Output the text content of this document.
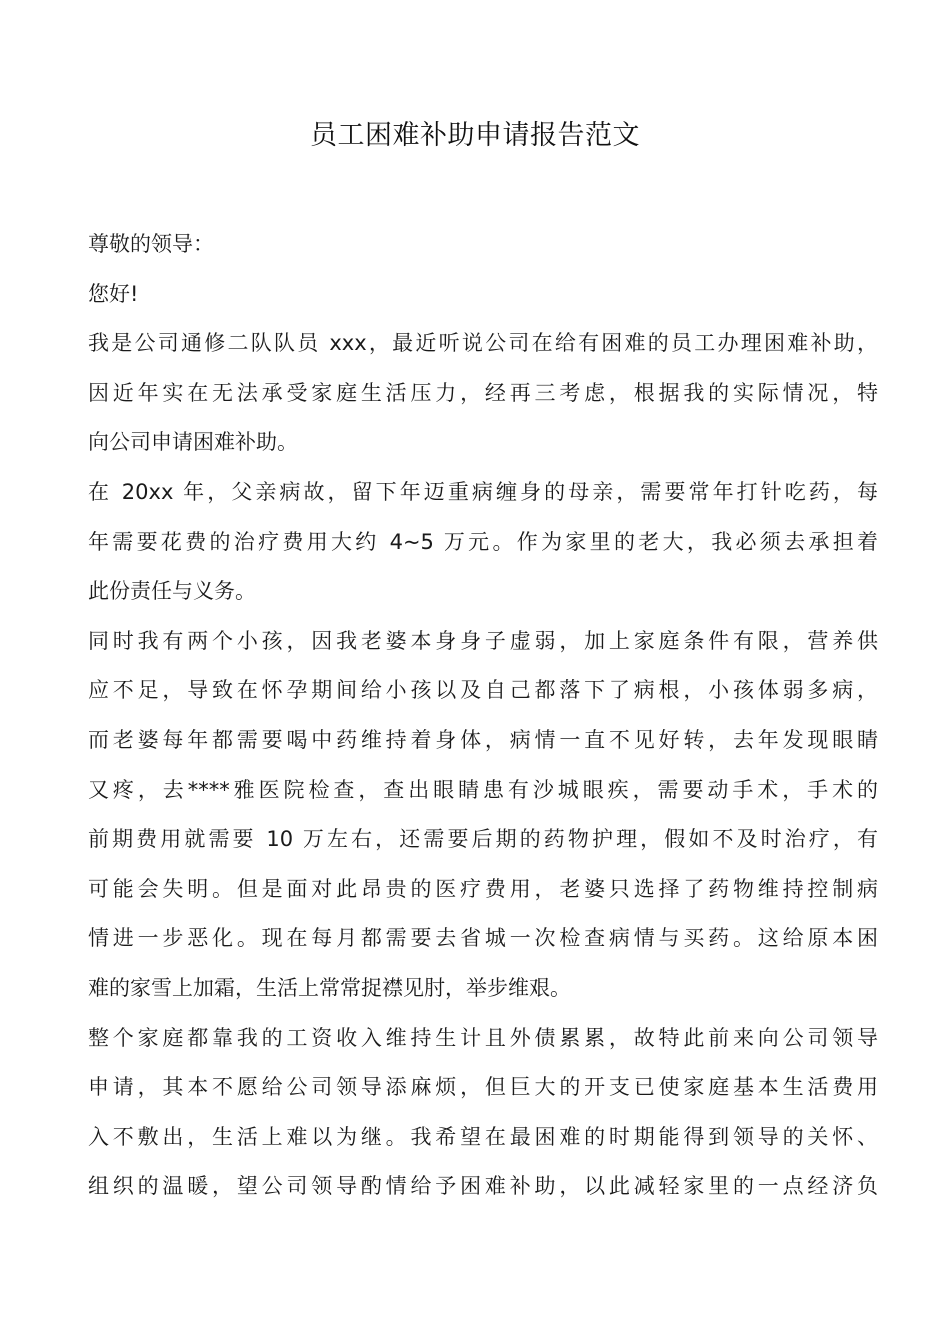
员工困难补助申请报告范文
尊敬的领导：
您好!
我是公司通修二队队员 xxx，最近听说公司在给有困难的员工办理困难补助，
因近年实在无法承受家庭生活压力，经再三考虑，根据我的实际情况，特
向公司申请困难补助。
在 20xx 年，父亲病故，留下年迈重病缠身的母亲，需要常年打针吃药，每
年需要花费的治疗费用大约 4~5 万元。作为家里的老大，我必须去承担着
此份责任与义务。
同时我有两个小孩，因我老婆本身身子虚弱，加上家庭条件有限，营养供
应不足，导致在怀孕期间给小孩以及自己都落下了病根，小孩体弱多病，
而老婆每年都需要喝中药维持着身体，病情一直不见好转，去年发现眼睛
又疼，去****雅医院检查，查出眼睛患有沙城眼疾，需要动手术，手术的
前期费用就需要 10 万左右，还需要后期的药物护理，假如不及时治疗，有
可能会失明。但是面对此昂贵的医疗费用，老婆只选择了药物维持控制病
情进一步恶化。现在每月都需要去省城一次检查病情与买药。这给原本困
难的家雪上加霜，生活上常常捉襟见肘，举步维艰。
整个家庭都靠我的工资收入维持生计且外债累累，故特此前来向公司领导
申请，其本不愿给公司领导添麻烦，但巨大的开支已使家庭基本生活费用
入不敷出，生活上难以为继。我希望在最困难的时期能得到领导的关怀、
组织的温暖，望公司领导酌情给予困难补助，以此减轻家里的一点经济负
